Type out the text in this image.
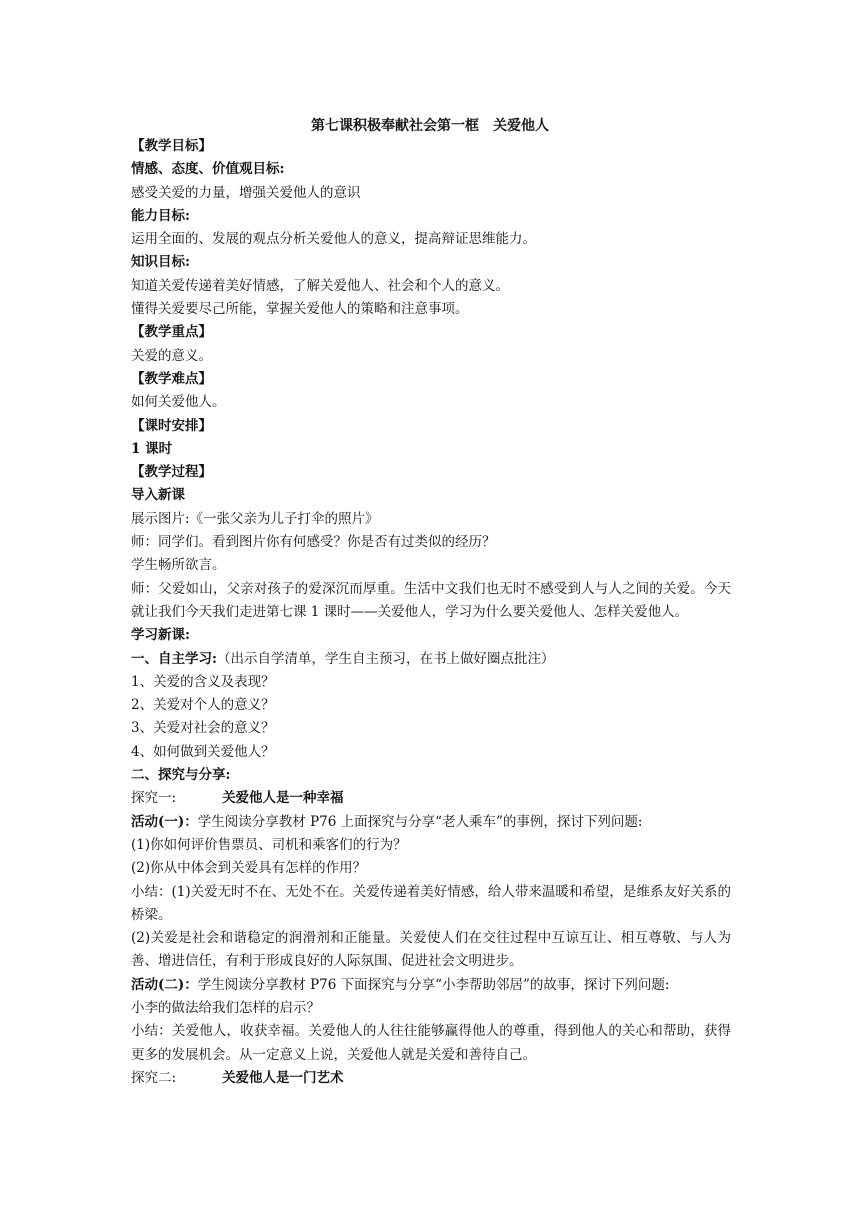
第七课积极奉献社会第一框　关爱他人
【教学目标】
情感、态度、价值观目标:
感受关爱的力量，增强关爱他人的意识
能力目标:
运用全面的、发展的观点分析关爱他人的意义，提高辩证思维能力。
知识目标:
知道关爱传递着美好情感，了解关爱他人、社会和个人的意义。
懂得关爱要尽己所能，掌握关爱他人的策略和注意事项。
【教学重点】
关爱的意义。
【教学难点】
如何关爱他人。
【课时安排】
1 课时
【教学过程】
导入新课
展示图片:《一张父亲为儿子打伞的照片》
师：同学们。看到图片你有何感受？你是否有过类似的经历？
学生畅所欲言。
师：父爱如山，父亲对孩子的爱深沉而厚重。生活中文我们也无时不感受到人与人之间的关爱。今天就让我们今天我们走进第七课 1 课时——关爱他人，学习为什么要关爱他人、怎样关爱他人。
学习新课:
一、自主学习:（出示自学清单，学生自主预习，在书上做好圈点批注）
1、关爱的含义及表现？
2、关爱对个人的意义？
3、关爱对社会的意义？
4、如何做到关爱他人？
二、探究与分享:
探究一:	关爱他人是一种幸福
活动(一)：学生阅读分享教材 P76 上面探究与分享“老人乘车”的事例，探讨下列问题:
(1)你如何评价售票员、司机和乘客们的行为？
(2)你从中体会到关爱具有怎样的作用？
小结：(1)关爱无时不在、无处不在。关爱传递着美好情感，给人带来温暖和希望，是维系友好关系的桥梁。
(2)关爱是社会和谐稳定的润滑剂和正能量。关爱使人们在交往过程中互谅互让、相互尊敬、与人为善、增进信任，有利于形成良好的人际氛围、促进社会文明进步。
活动(二)：学生阅读分享教材 P76 下面探究与分享“小李帮助邻居”的故事，探讨下列问题:
小李的做法给我们怎样的启示？
小结：关爱他人，收获幸福。关爱他人的人往往能够赢得他人的尊重，得到他人的关心和帮助，获得更多的发展机会。从一定意义上说，关爱他人就是关爱和善待自己。
探究二:	关爱他人是一门艺术
